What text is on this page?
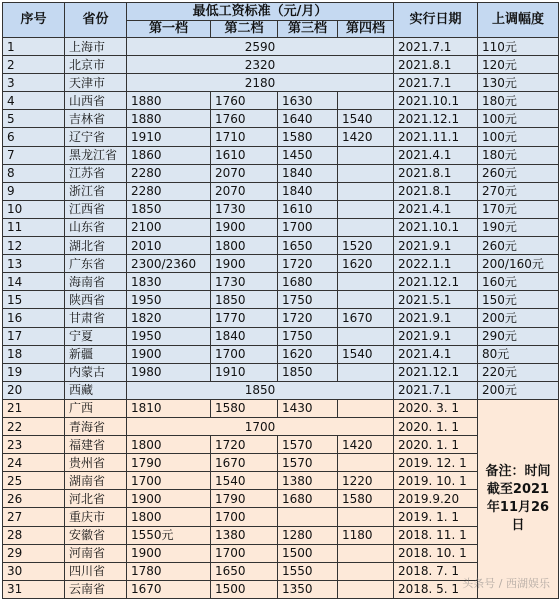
序号	省份	最低工资标准（元/月）				实行日期	上调幅度
		第一档	第二档	第三档	第四档		
1	上海市	2590				2021.7.1	110元
2	北京市	2320				2021.8.1	120元
3	天津市	2180				2021.7.1	130元
4	山西省	1880	1760	1630		2021.10.1	180元
5	吉林省	1880	1760	1640	1540	2021.12.1	100元
6	辽宁省	1910	1710	1580	1420	2021.11.1	100元
7	黑龙江省	1860	1610	1450		2021.4.1	180元
8	江苏省	2280	2070	1840		2021.8.1	260元
9	浙江省	2280	2070	1840		2021.8.1	270元
10	江西省	1850	1730	1610		2021.4.1	170元
11	山东省	2100	1900	1700		2021.10.1	190元
12	湖北省	2010	1800	1650	1520	2021.9.1	260元
13	广东省	2300/2360	1900	1720	1620	2022.1.1	200/160元
14	海南省	1830	1730	1680		2021.12.1	160元
15	陕西省	1950	1850	1750		2021.5.1	150元
16	甘肃省	1820	1770	1720	1670	2021.9.1	200元
17	宁夏	1950	1840	1750		2021.9.1	290元
18	新疆	1900	1700	1620	1540	2021.4.1	80元
19	内蒙古	1980	1910	1850		2021.12.1	220元
20	西藏	1850				2021.7.1	200元
21	广西	1810	1580	1430		2020. 3. 1	备注：时间截至2021年11月26日
22	青海省	1700				2020. 1. 1	
23	福建省	1800	1720	1570	1420	2020. 1. 1	
24	贵州省	1790	1670	1570		2019. 12. 1	
25	湖南省	1700	1540	1380	1220	2019. 10. 1	
26	河北省	1900	1790	1680	1580	2019.9.20	
27	重庆市	1800	1700			2019. 1. 1	
28	安徽省	1550元	1380	1280	1180	2018. 11. 1	
29	河南省	1900	1700	1500		2018. 10. 1	
30	四川省	1780	1650	1550		2018. 7. 1	
31	云南省	1670	1500	1350		2018. 5. 1	头条号 / 西湖娱乐
